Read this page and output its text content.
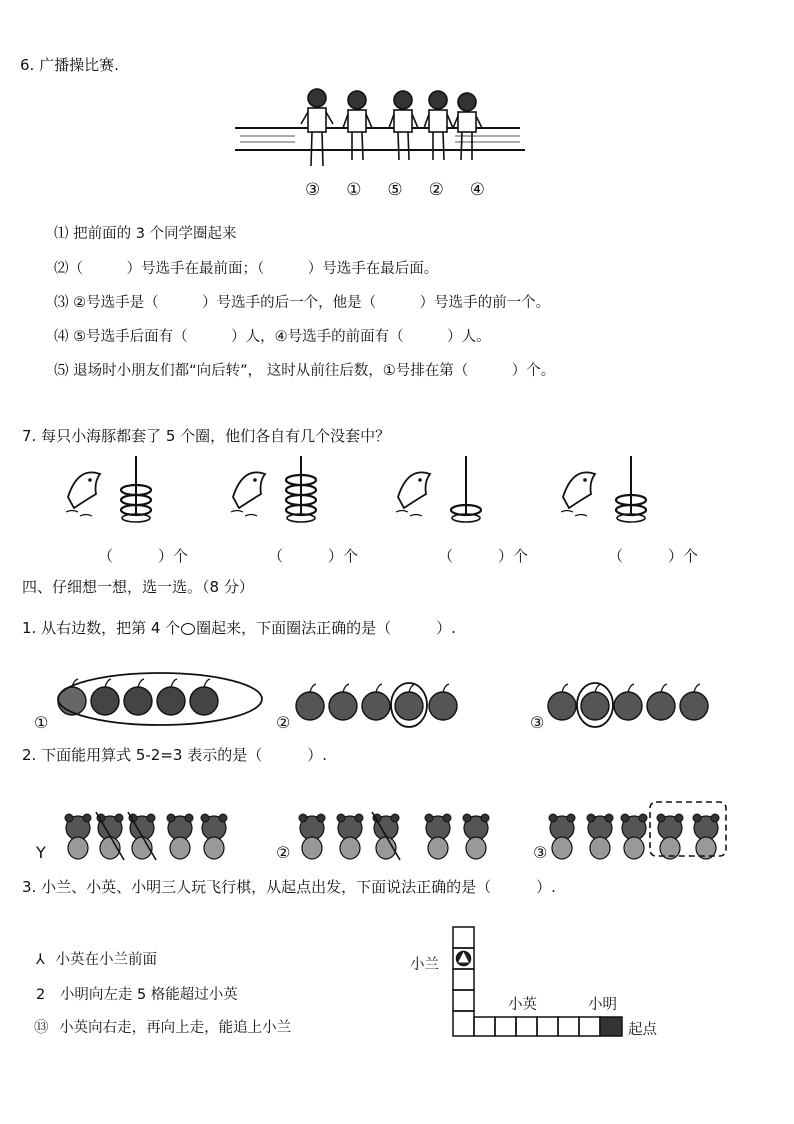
6. 广播操比赛.
③ ① ⑤ ② ④
⑴ 把前面的 3 个同学圈起来
⑵（　　　）号选手在最前面；（　　　）号选手在最后面。
⑶ ②号选手是（　　　）号选手的后一个，他是（　　　）号选手的前一个。
⑷ ⑤号选手后面有（　　　）人，④号选手的前面有（　　　）人。
⑸ 退场时小朋友们都“向后转”， 这时从前往后数，①号排在第（　　　）个。
7. 每只小海豚都套了 5 个圈，他们各自有几个没套中？
（　　　）个	（　　　）个	（　　　）个	（　　　）个
四、仔细想一想，选一选。（8 分）
1. 从右边数，把第 4 个 圈起来，下面圈法正确的是（　　　）.
①	②	③
2. 下面能用算式 5-2=3 表示的是（　　　）.
Y	②	③
3. 小兰、小英、小明三人玩飞行棋，从起点出发，下面说法正确的是（　　　）.
⅄ 小英在小兰前面
2 小明向左走 5 格能超过小英
⑬ 小英向右走，再向上走，能追上小兰
小兰
小英	小明
起点
